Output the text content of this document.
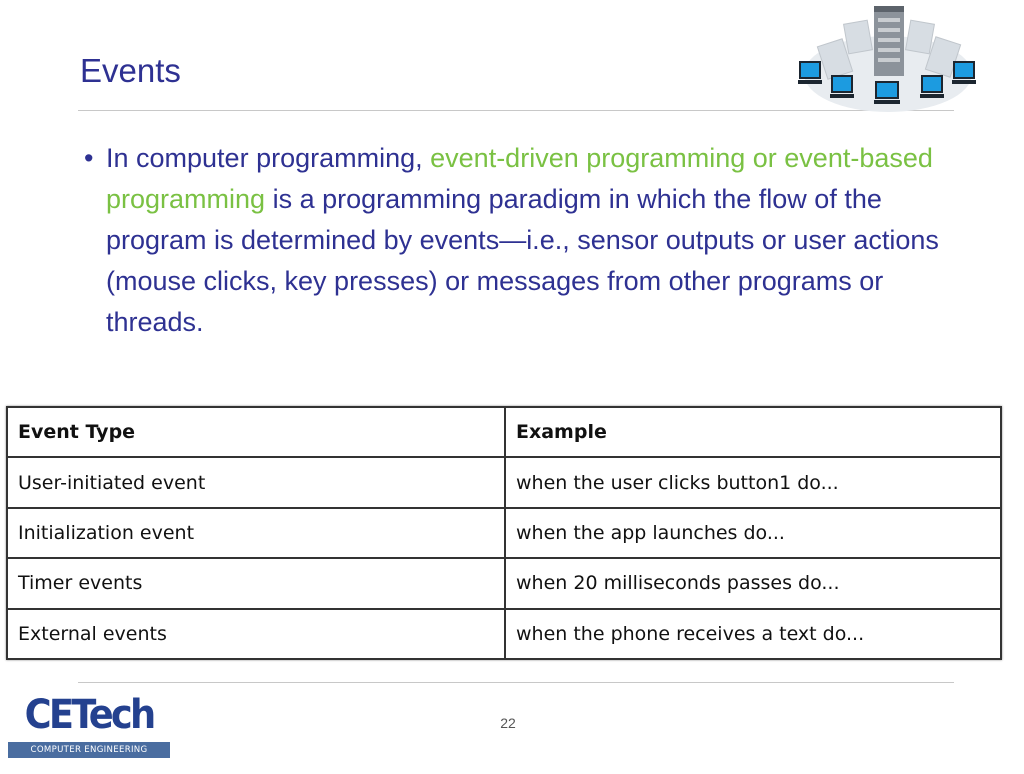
Events
• In computer programming, event-driven programming or event-based programming is a programming paradigm in which the flow of the program is determined by events—i.e., sensor outputs or user actions (mouse clicks, key presses) or messages from other programs or threads.
Event Type	Example
User-initiated event	when the user clicks button1 do...
Initialization event	when the app launches do...
Timer events	when 20 milliseconds passes do...
External events	when the phone receives a text do...
22
CETech
COMPUTER ENGINEERING TECHNOLOGY
